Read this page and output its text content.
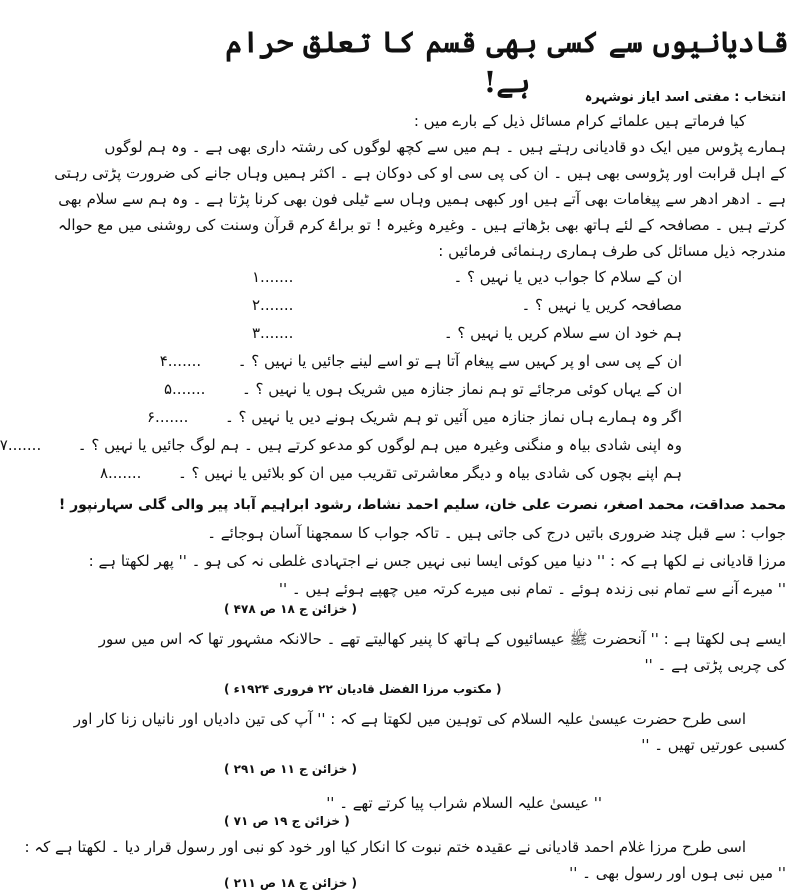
قادیانیوں سے کسی بھی قسم کا تعلق حرام ہے!	انتخاب : مفتی اسد ایاز نوشہرہ
کیا فرماتے ہیں علمائے کرام مسائل ذیل کے بارے میں :
ہمارے پڑوس میں ایک دو قادیانی رہتے ہیں ۔ ہم میں سے کچھ لوگوں کی رشتہ داری بھی ہے ۔ وہ ہم لوگوں
کے اہل قرابت اور پڑوسی بھی ہیں ۔ ان کی پی سی او کی دوکان ہے ۔ اکثر ہمیں وہاں جانے کی ضرورت پڑتی رہتی
ہے ۔ ادھر ادھر سے پیغامات بھی آتے ہیں اور کبھی ہمیں وہاں سے ٹیلی فون بھی کرنا پڑتا ہے ۔ وہ ہم سے سلام بھی
کرتے ہیں ۔ مصافحہ کے لئے ہاتھ بھی بڑھاتے ہیں ۔ وغیرہ وغیرہ ! تو براۓ کرم قرآن وسنت کی روشنی میں مع حوالہ
مندرجہ ذیل مسائل کی طرف ہماری رہنمائی فرمائیں :
ان کے سلام کا جواب دیں یا نہیں ؟ ۔
۱.......
مصافحہ کریں یا نہیں ؟ ۔
۲.......
ہم خود ان سے سلام کریں یا نہیں ؟ ۔
۳.......
ان کے پی سی او پر کہیں سے پیغام آتا ہے تو اسے لینے جائیں یا نہیں ؟ ۔
۴.......
ان کے یہاں کوئی مرجائے تو ہم نماز جنازہ میں شریک ہوں یا نہیں ؟ ۔
۵.......
اگر وہ ہمارے ہاں نماز جنازہ میں آئیں تو ہم شریک ہونے دیں یا نہیں ؟ ۔
۶.......
وہ اپنی شادی بیاہ و منگنی وغیرہ میں ہم لوگوں کو مدعو کرتے ہیں ۔ ہم لوگ جائیں یا نہیں ؟ ۔
۷.......
ہم اپنے بچوں کی شادی بیاہ و دیگر معاشرتی تقریب میں ان کو بلائیں یا نہیں ؟ ۔
۸.......
محمد صداقت، محمد اصغر، نصرت علی خان، سلیم احمد نشاط، رشود ابراہیم آباد پیر والی گلی سہارنپور !
جواب : سے قبل چند ضروری باتیں درج کی جاتی ہیں ۔ تاکہ جواب کا سمجھنا آسان ہوجائے ۔
مرزا قادیانی نے لکھا ہے کہ : '' دنیا میں کوئی ایسا نبی نہیں جس نے اجتہادی غلطی نہ کی ہو ۔ '' پھر لکھتا ہے :
'' میرے آنے سے تمام نبی زندہ ہوئے ۔ تمام نبی میرے کرتہ میں چھپے ہوئے ہیں ۔ ''
( خزائن ج ۱۸ ص ۴۷۸ )
ایسے ہی لکھتا ہے : '' آنحضرت ﷺ عیسائیوں کے ہاتھ کا پنیر کھالیتے تھے ۔ حالانکہ مشہور تھا کہ اس میں سور
کی چربی پڑتی ہے ۔ ''
( مکتوب مرزا الفضل قادیان ۲۲ فروری ۱۹۲۴ء )
اسی طرح حضرت عیسیٰ علیہ السلام کی توہین میں لکھتا ہے کہ : '' آپ کی تین دادیاں اور نانیاں زنا کار اور
کسبی عورتیں تھیں ۔ ''
( خزائن ج ۱۱ ص ۲۹۱ )
'' عیسیٰ علیہ السلام شراب پیا کرتے تھے ۔ ''
( خزائن ج ۱۹ ص ۷۱ )
اسی طرح مرزا غلام احمد قادیانی نے عقیدہ ختم نبوت کا انکار کیا اور خود کو نبی اور رسول قرار دیا ۔ لکھتا ہے کہ :
'' میں نبی ہوں اور رسول بھی ۔ ''
( خزائن ج ۱۸ ص ۲۱۱ )
